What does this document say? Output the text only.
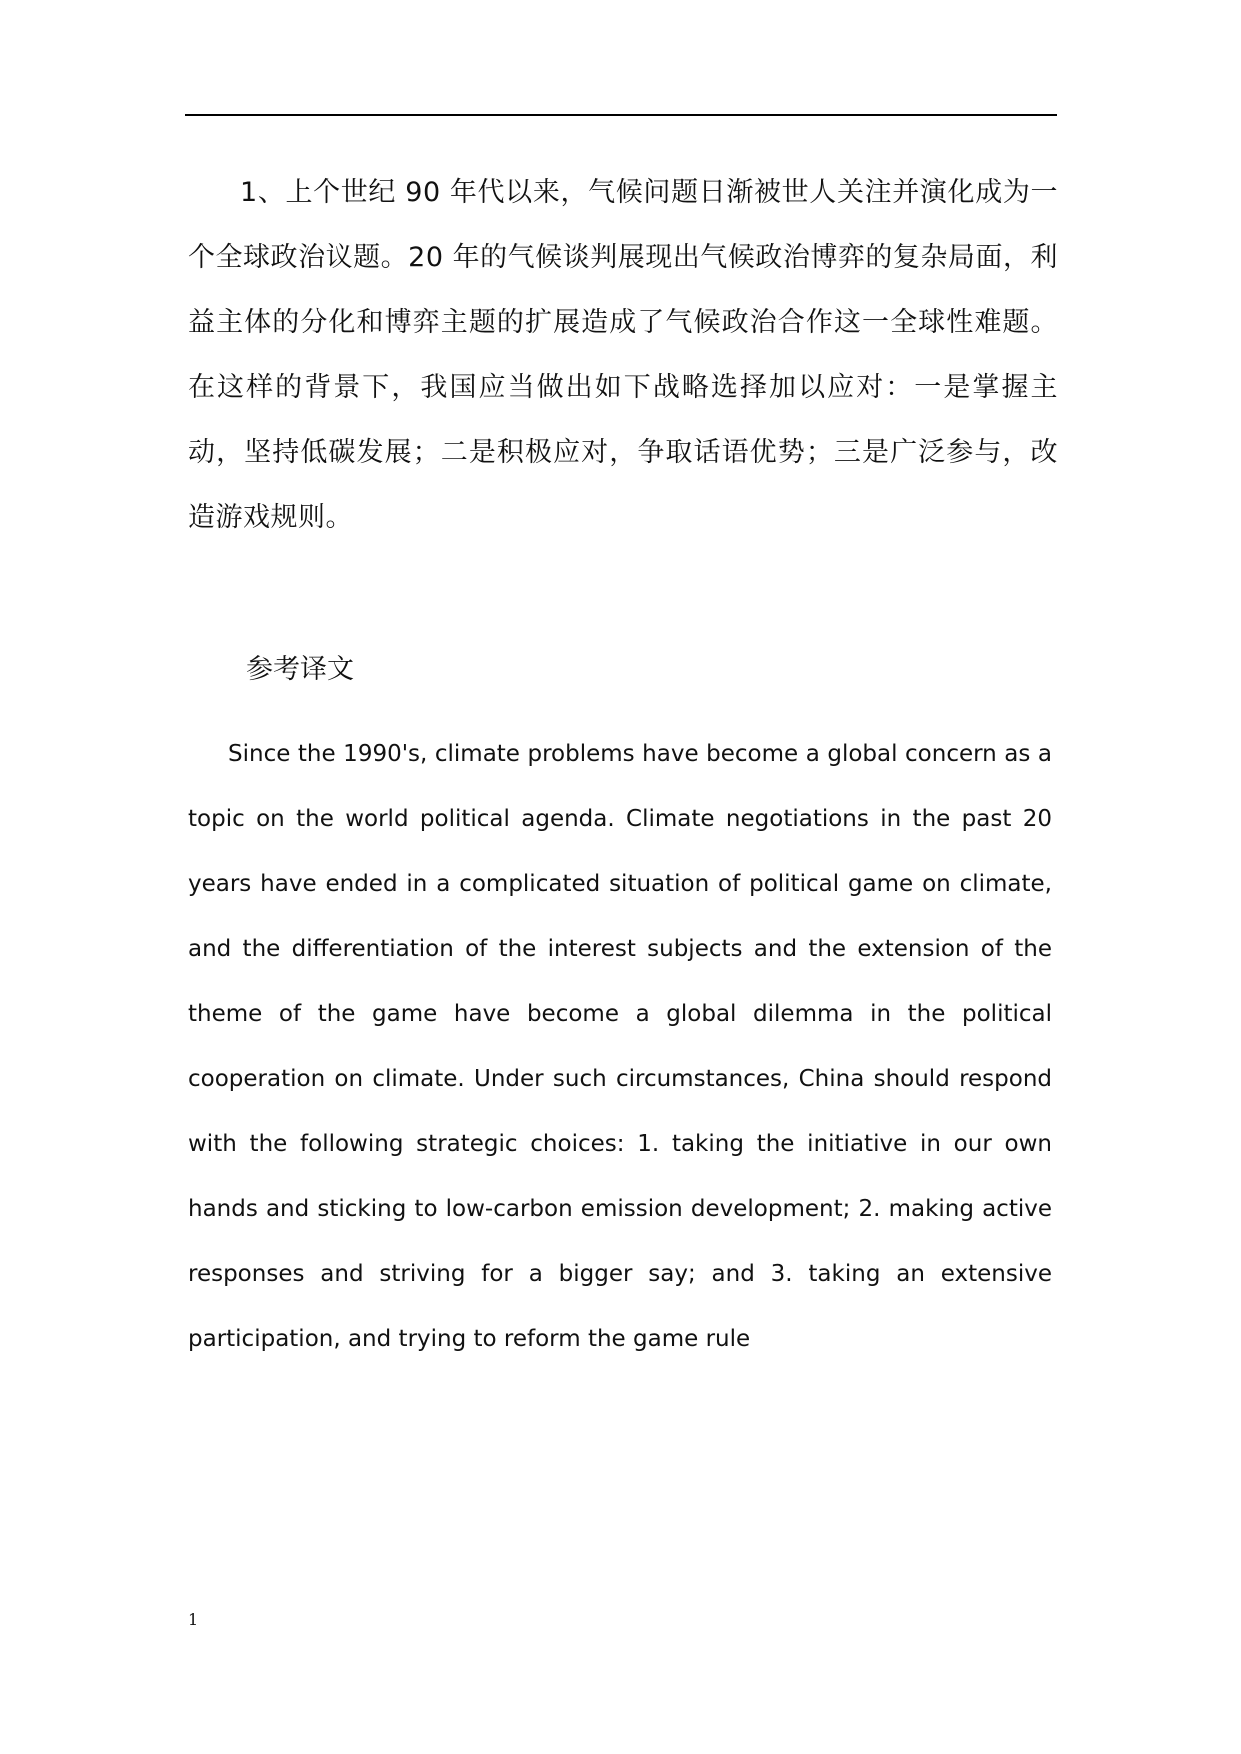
1、上个世纪 90 年代以来，气候问题日渐被世人关注并演化成为一个全球政治议题。20 年的气候谈判展现出气候政治博弈的复杂局面，利益主体的分化和博弈主题的扩展造成了气候政治合作这一全球性难题。在这样的背景下，我国应当做出如下战略选择加以应对：一是掌握主动，坚持低碳发展；二是积极应对，争取话语优势；三是广泛参与，改造游戏规则。

参考译文

Since the 1990's, climate problems have become a global concern as a topic on the world political agenda. Climate negotiations in the past 20 years have ended in a complicated situation of political game on climate, and the differentiation of the interest subjects and the extension of the theme of the game have become a global dilemma in the political cooperation on climate. Under such circumstances, China should respond with the following strategic choices: 1. taking the initiative in our own hands and sticking to low-carbon emission development; 2. making active responses and striving for a bigger say; and 3. taking an extensive participation, and trying to reform the game rule

1
